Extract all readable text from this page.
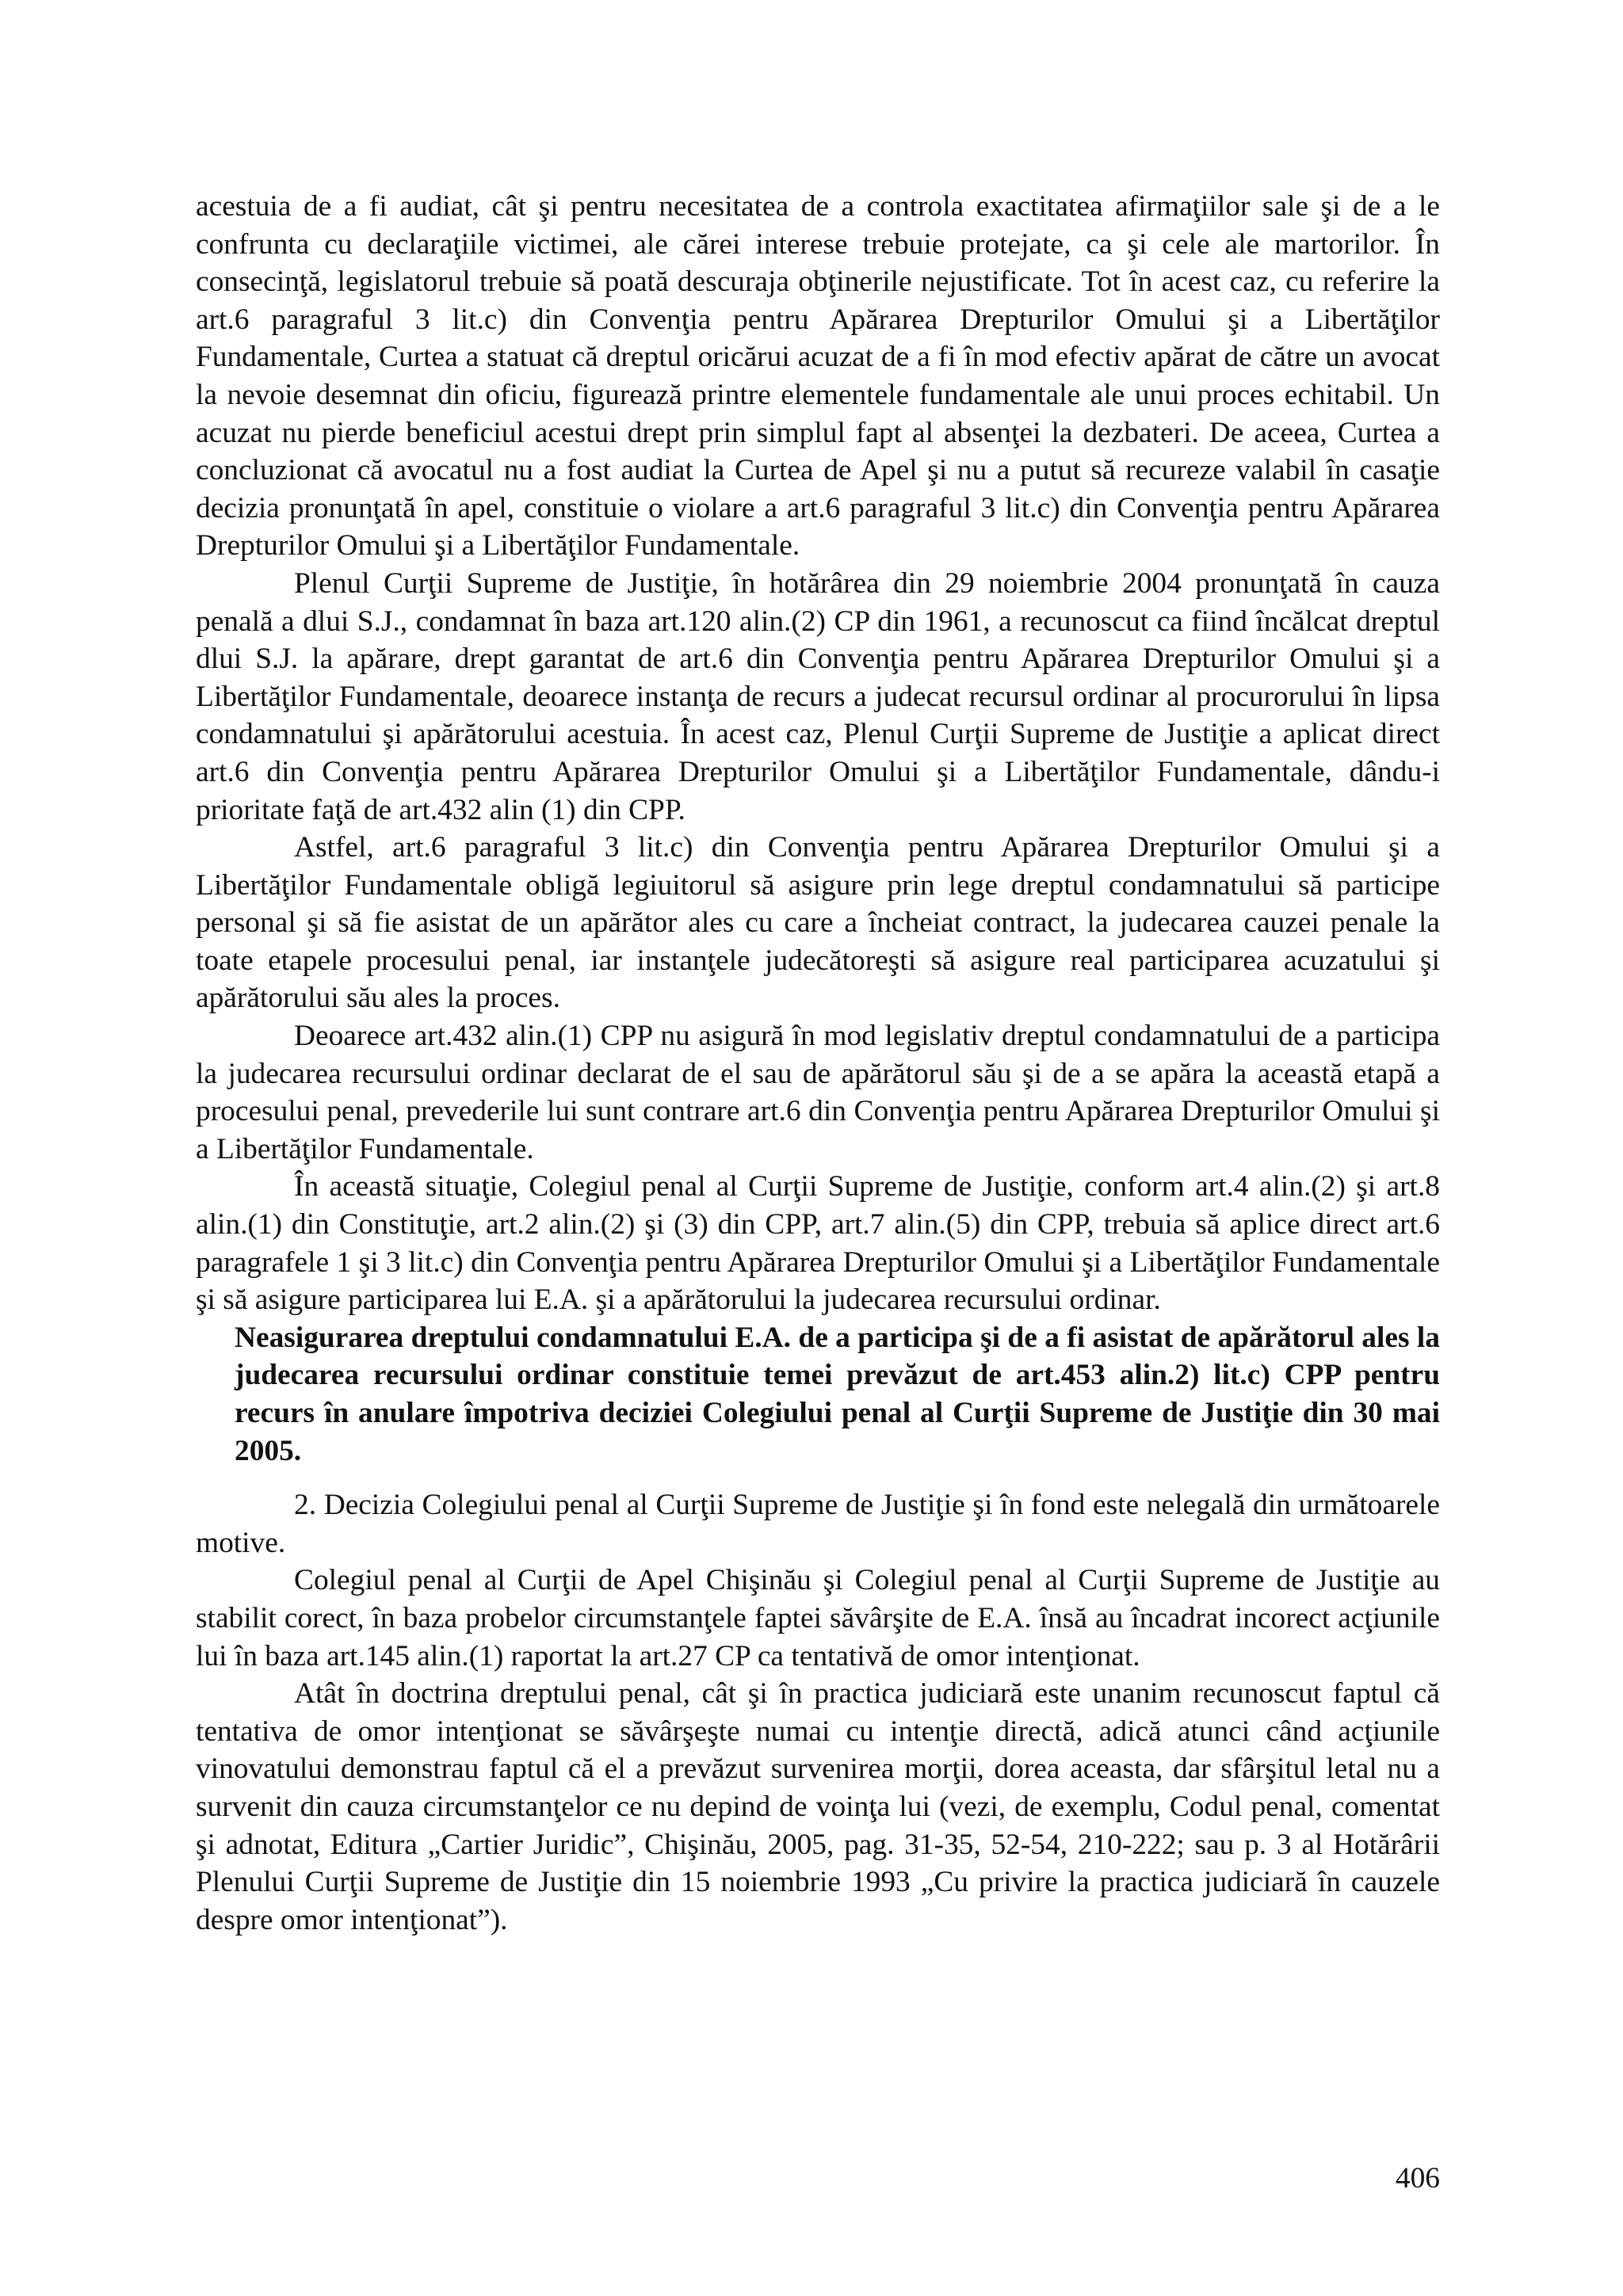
acestuia de a fi audiat, cât şi pentru necesitatea de a controla exactitatea afirmaţiilor sale şi de a le confrunta cu declaraţiile victimei, ale cărei interese trebuie protejate, ca şi cele ale martorilor. În consecinţă, legislatorul trebuie să poată descuraja obţinerile nejustificate. Tot în acest caz, cu referire la art.6 paragraful 3 lit.c) din Convenţia pentru Apărarea Drepturilor Omului şi a Libertăţilor Fundamentale, Curtea a statuat că dreptul oricărui acuzat de a fi în mod efectiv apărat de către un avocat la nevoie desemnat din oficiu, figurează printre elementele fundamentale ale unui proces echitabil. Un acuzat nu pierde beneficiul acestui drept prin simplul fapt al absenţei la dezbateri. De aceea, Curtea a concluzionat că avocatul nu a fost audiat la Curtea de Apel şi nu a putut să recureze valabil în casaţie decizia pronunţată în apel, constituie o violare a art.6 paragraful 3 lit.c) din Convenţia pentru Apărarea Drepturilor Omului şi a Libertăţilor Fundamentale.

Plenul Curţii Supreme de Justiţie, în hotărârea din 29 noiembrie 2004 pronunţată în cauza penală a dlui S.J., condamnat în baza art.120 alin.(2) CP din 1961, a recunoscut ca fiind încălcat dreptul dlui S.J. la apărare, drept garantat de art.6 din Convenţia pentru Apărarea Drepturilor Omului şi a Libertăţilor Fundamentale, deoarece instanţa de recurs a judecat recursul ordinar al procurorului în lipsa condamnatului şi apărătorului acestuia. În acest caz, Plenul Curţii Supreme de Justiţie a aplicat direct art.6 din Convenţia pentru Apărarea Drepturilor Omului şi a Libertăţilor Fundamentale, dându-i prioritate faţă de art.432 alin (1) din CPP.

Astfel, art.6 paragraful 3 lit.c) din Convenţia pentru Apărarea Drepturilor Omului şi a Libertăţilor Fundamentale obligă legiuitorul să asigure prin lege dreptul condamnatului să participe personal şi să fie asistat de un apărător ales cu care a încheiat contract, la judecarea cauzei penale la toate etapele procesului penal, iar instanţele judecătoreşti să asigure real participarea acuzatului şi apărătorului său ales la proces.

Deoarece art.432 alin.(1) CPP nu asigură în mod legislativ dreptul condamnatului de a participa la judecarea recursului ordinar declarat de el sau de apărătorul său şi de a se apăra la această etapă a procesului penal, prevederile lui sunt contrare art.6 din Convenţia pentru Apărarea Drepturilor Omului şi a Libertăţilor Fundamentale.

În această situaţie, Colegiul penal al Curţii Supreme de Justiţie, conform art.4 alin.(2) şi art.8 alin.(1) din Constituţie, art.2 alin.(2) şi (3) din CPP, art.7 alin.(5) din CPP, trebuia să aplice direct art.6 paragrafele 1 şi 3 lit.c) din Convenţia pentru Apărarea Drepturilor Omului şi a Libertăţilor Fundamentale şi să asigure participarea lui E.A. şi a apărătorului la judecarea recursului ordinar.

Neasigurarea dreptului condamnatului E.A. de a participa şi de a fi asistat de apărătorul ales la judecarea recursului ordinar constituie temei prevăzut de art.453 alin.2) lit.c) CPP pentru recurs în anulare împotriva deciziei Colegiului penal al Curţii Supreme de Justiţie din 30 mai 2005.

2. Decizia Colegiului penal al Curţii Supreme de Justiţie şi în fond este nelegală din următoarele motive.

Colegiul penal al Curţii de Apel Chişinău şi Colegiul penal al Curţii Supreme de Justiţie au stabilit corect, în baza probelor circumstanţele faptei săvârşite de E.A. însă au încadrat incorect acţiunile lui în baza art.145 alin.(1) raportat la art.27 CP ca tentativă de omor intenţionat.

Atât în doctrina dreptului penal, cât şi în practica judiciară este unanim recunoscut faptul că tentativa de omor intenţionat se săvârşeşte numai cu intenţie directă, adică atunci când acţiunile vinovatului demonstrau faptul că el a prevăzut survenirea morţii, dorea aceasta, dar sfârşitul letal nu a survenit din cauza circumstanţelor ce nu depind de voinţa lui (vezi, de exemplu, Codul penal, comentat şi adnotat, Editura „Cartier Juridic”, Chişinău, 2005, pag. 31-35, 52-54, 210-222; sau p. 3 al Hotărârii Plenului Curţii Supreme de Justiţie din 15 noiembrie 1993 „Cu privire la practica judiciară în cauzele despre omor intenţionat”).

406
